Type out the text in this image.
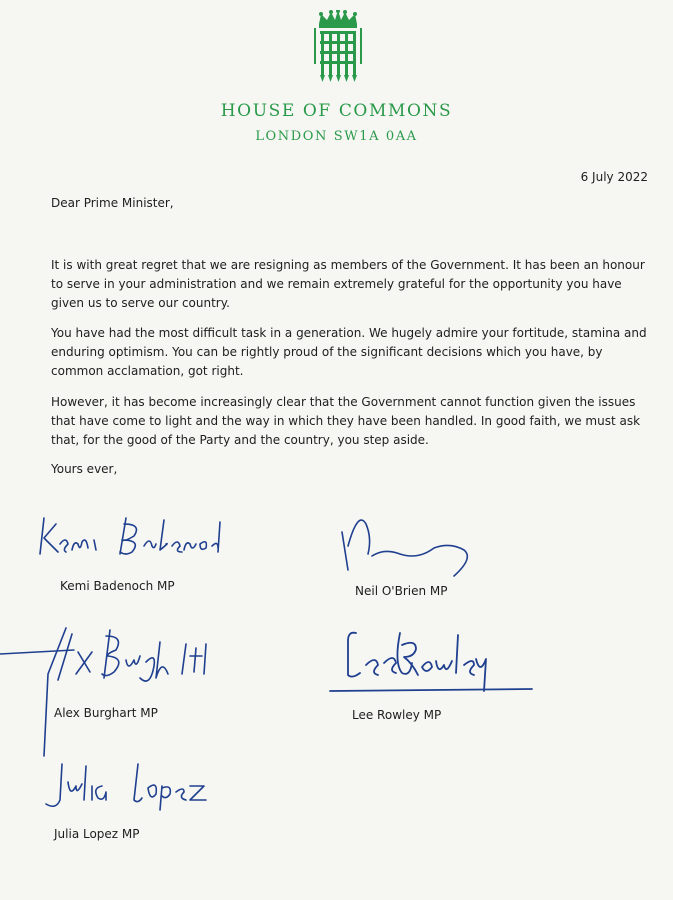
HOUSE OF COMMONS
LONDON SW1A 0AA
6 July 2022
Dear Prime Minister,

It is with great regret that we are resigning as members of the Government. It has been an honour to serve in your administration and we remain extremely grateful for the opportunity you have given us to serve our country.

You have had the most difficult task in a generation. We hugely admire your fortitude, stamina and enduring optimism. You can be rightly proud of the significant decisions which you have, by common acclamation, got right.

However, it has become increasingly clear that the Government cannot function given the issues that have come to light and the way in which they have been handled. In good faith, we must ask that, for the good of the Party and the country, you step aside.

Yours ever,
Kemi Badenoch MP	Neil O'Brien MP
Alex Burghart MP	Lee Rowley MP
Julia Lopez MP
